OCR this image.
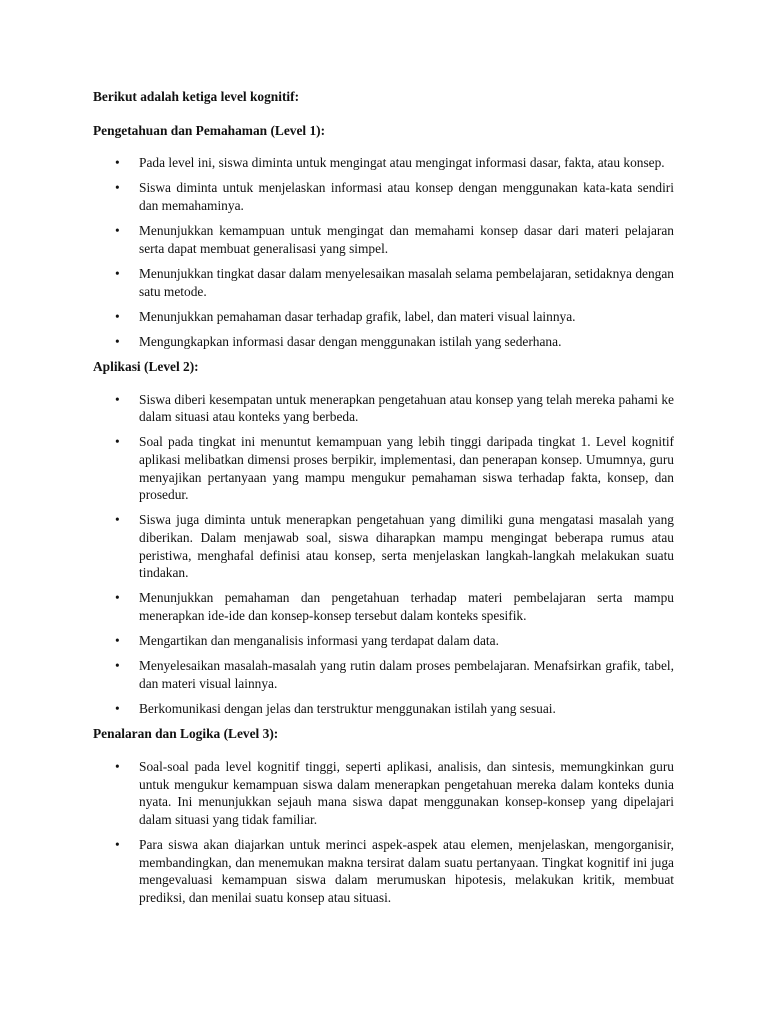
Berikut adalah ketiga level kognitif:

Pengetahuan dan Pemahaman (Level 1):

• Pada level ini, siswa diminta untuk mengingat atau mengingat informasi dasar, fakta, atau konsep.
• Siswa diminta untuk menjelaskan informasi atau konsep dengan menggunakan kata-kata sendiri dan memahaminya.
• Menunjukkan kemampuan untuk mengingat dan memahami konsep dasar dari materi pelajaran serta dapat membuat generalisasi yang simpel.
• Menunjukkan tingkat dasar dalam menyelesaikan masalah selama pembelajaran, setidaknya dengan satu metode.
• Menunjukkan pemahaman dasar terhadap grafik, label, dan materi visual lainnya.
• Mengungkapkan informasi dasar dengan menggunakan istilah yang sederhana.

Aplikasi (Level 2):

• Siswa diberi kesempatan untuk menerapkan pengetahuan atau konsep yang telah mereka pahami ke dalam situasi atau konteks yang berbeda.
• Soal pada tingkat ini menuntut kemampuan yang lebih tinggi daripada tingkat 1. Level kognitif aplikasi melibatkan dimensi proses berpikir, implementasi, dan penerapan konsep. Umumnya, guru menyajikan pertanyaan yang mampu mengukur pemahaman siswa terhadap fakta, konsep, dan prosedur.
• Siswa juga diminta untuk menerapkan pengetahuan yang dimiliki guna mengatasi masalah yang diberikan. Dalam menjawab soal, siswa diharapkan mampu mengingat beberapa rumus atau peristiwa, menghafal definisi atau konsep, serta menjelaskan langkah-langkah melakukan suatu tindakan.
• Menunjukkan pemahaman dan pengetahuan terhadap materi pembelajaran serta mampu menerapkan ide-ide dan konsep-konsep tersebut dalam konteks spesifik.
• Mengartikan dan menganalisis informasi yang terdapat dalam data.
• Menyelesaikan masalah-masalah yang rutin dalam proses pembelajaran. Menafsirkan grafik, tabel, dan materi visual lainnya.
• Berkomunikasi dengan jelas dan terstruktur menggunakan istilah yang sesuai.

Penalaran dan Logika (Level 3):

• Soal-soal pada level kognitif tinggi, seperti aplikasi, analisis, dan sintesis, memungkinkan guru untuk mengukur kemampuan siswa dalam menerapkan pengetahuan mereka dalam konteks dunia nyata. Ini menunjukkan sejauh mana siswa dapat menggunakan konsep-konsep yang dipelajari dalam situasi yang tidak familiar.
• Para siswa akan diajarkan untuk merinci aspek-aspek atau elemen, menjelaskan, mengorganisir, membandingkan, dan menemukan makna tersirat dalam suatu pertanyaan. Tingkat kognitif ini juga mengevaluasi kemampuan siswa dalam merumuskan hipotesis, melakukan kritik, membuat prediksi, dan menilai suatu konsep atau situasi.
